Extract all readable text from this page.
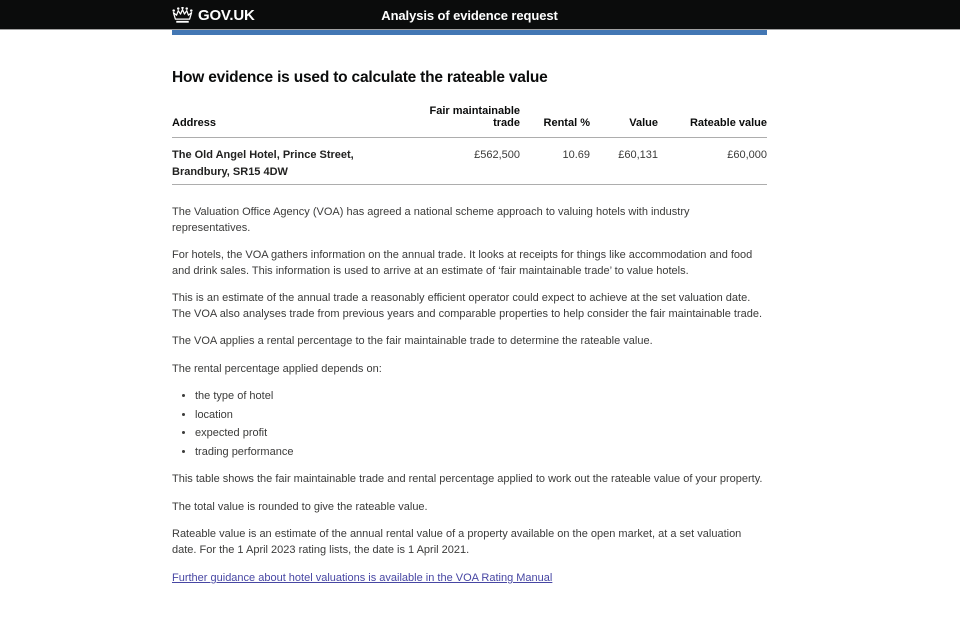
GOV.UK	Analysis of evidence request
How evidence is used to calculate the rateable value
Address	Fair maintainable trade	Rental %	Value	Rateable value
The Old Angel Hotel, Prince Street, Brandbury, SR15 4DW	£562,500	10.69	£60,131	£60,000

The Valuation Office Agency (VOA) has agreed a national scheme approach to valuing hotels with industry representatives.

For hotels, the VOA gathers information on the annual trade. It looks at receipts for things like accommodation and food and drink sales. This information is used to arrive at an estimate of ‘fair maintainable trade’ to value hotels.

This is an estimate of the annual trade a reasonably efficient operator could expect to achieve at the set valuation date. The VOA also analyses trade from previous years and comparable properties to help consider the fair maintainable trade.

The VOA applies a rental percentage to the fair maintainable trade to determine the rateable value.

The rental percentage applied depends on:

• the type of hotel
• location
• expected profit
• trading performance

This table shows the fair maintainable trade and rental percentage applied to work out the rateable value of your property.

The total value is rounded to give the rateable value.

Rateable value is an estimate of the annual rental value of a property available on the open market, at a set valuation date. For the 1 April 2023 rating lists, the date is 1 April 2021.

Further guidance about hotel valuations is available in the VOA Rating Manual
